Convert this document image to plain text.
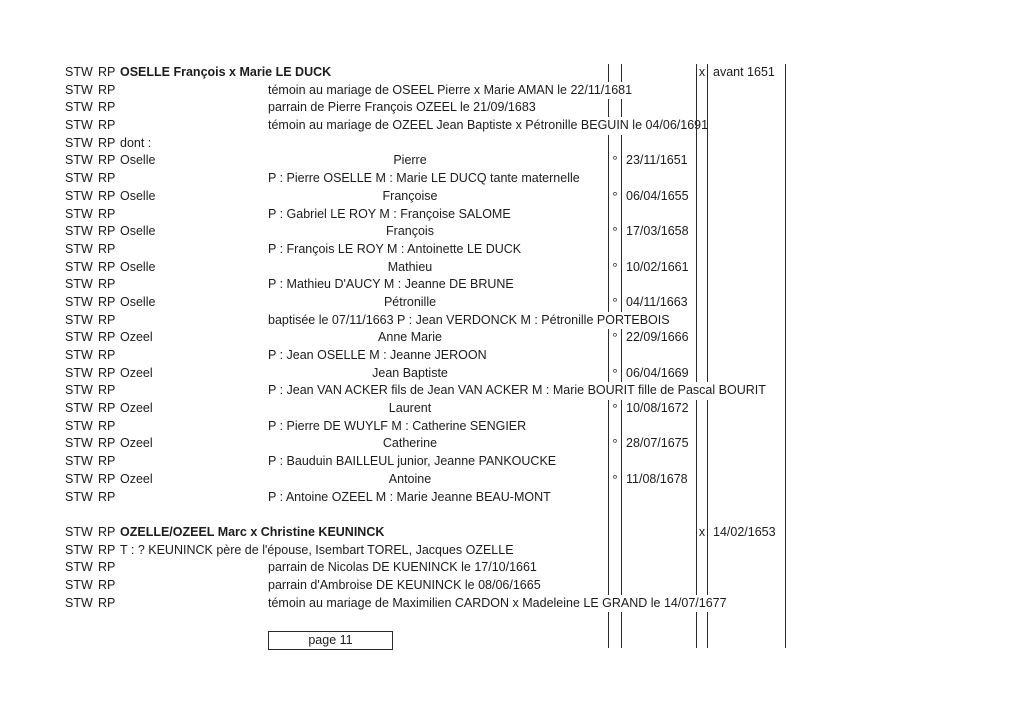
STW RP OSELLE François x Marie LE DUCK	x avant 1651
STW RP	témoin au mariage de OSEEL Pierre x Marie AMAN le 22/11/1681
STW RP	parrain de Pierre François OZEEL le 21/09/1683
STW RP	témoin au mariage de OZEEL Jean Baptiste x Pétronille BEGUIN le 04/06/1691
STW RP dont :
STW RP Oselle	Pierre	° 23/11/1651
STW RP	P : Pierre OSELLE M : Marie LE DUCQ tante maternelle
STW RP Oselle	Françoise	° 06/04/1655
STW RP	P : Gabriel LE ROY M : Françoise SALOME
STW RP Oselle	François	° 17/03/1658
STW RP	P : François LE ROY M : Antoinette LE DUCK
STW RP Oselle	Mathieu	° 10/02/1661
STW RP	P : Mathieu D'AUCY M : Jeanne DE BRUNE
STW RP Oselle	Pétronille	° 04/11/1663
STW RP	baptisée le 07/11/1663 P : Jean VERDONCK M : Pétronille PORTEBOIS
STW RP Ozeel	Anne Marie	° 22/09/1666
STW RP	P : Jean OSELLE M : Jeanne JEROON
STW RP Ozeel	Jean Baptiste	° 06/04/1669
STW RP	P : Jean VAN ACKER fils de Jean VAN ACKER M : Marie BOURIT fille de Pascal BOURIT
STW RP Ozeel	Laurent	° 10/08/1672
STW RP	P : Pierre DE WUYLF M : Catherine SENGIER
STW RP Ozeel	Catherine	° 28/07/1675
STW RP	P : Bauduin BAILLEUL junior, Jeanne PANKOUCKE
STW RP Ozeel	Antoine	° 11/08/1678
STW RP	P : Antoine OZEEL M : Marie Jeanne BEAU-MONT
STW RP OZELLE/OZEEL Marc x Christine KEUNINCK	x 14/02/1653
STW RP T : ? KEUNINCK père de l'épouse, Isembart TOREL, Jacques OZELLE
STW RP	parrain de Nicolas DE KUENINCK le 17/10/1661
STW RP	parrain d'Ambroise DE KEUNINCK le 08/06/1665
STW RP	témoin au mariage de Maximilien CARDON x Madeleine LE GRAND le 14/07/1677
page 11
